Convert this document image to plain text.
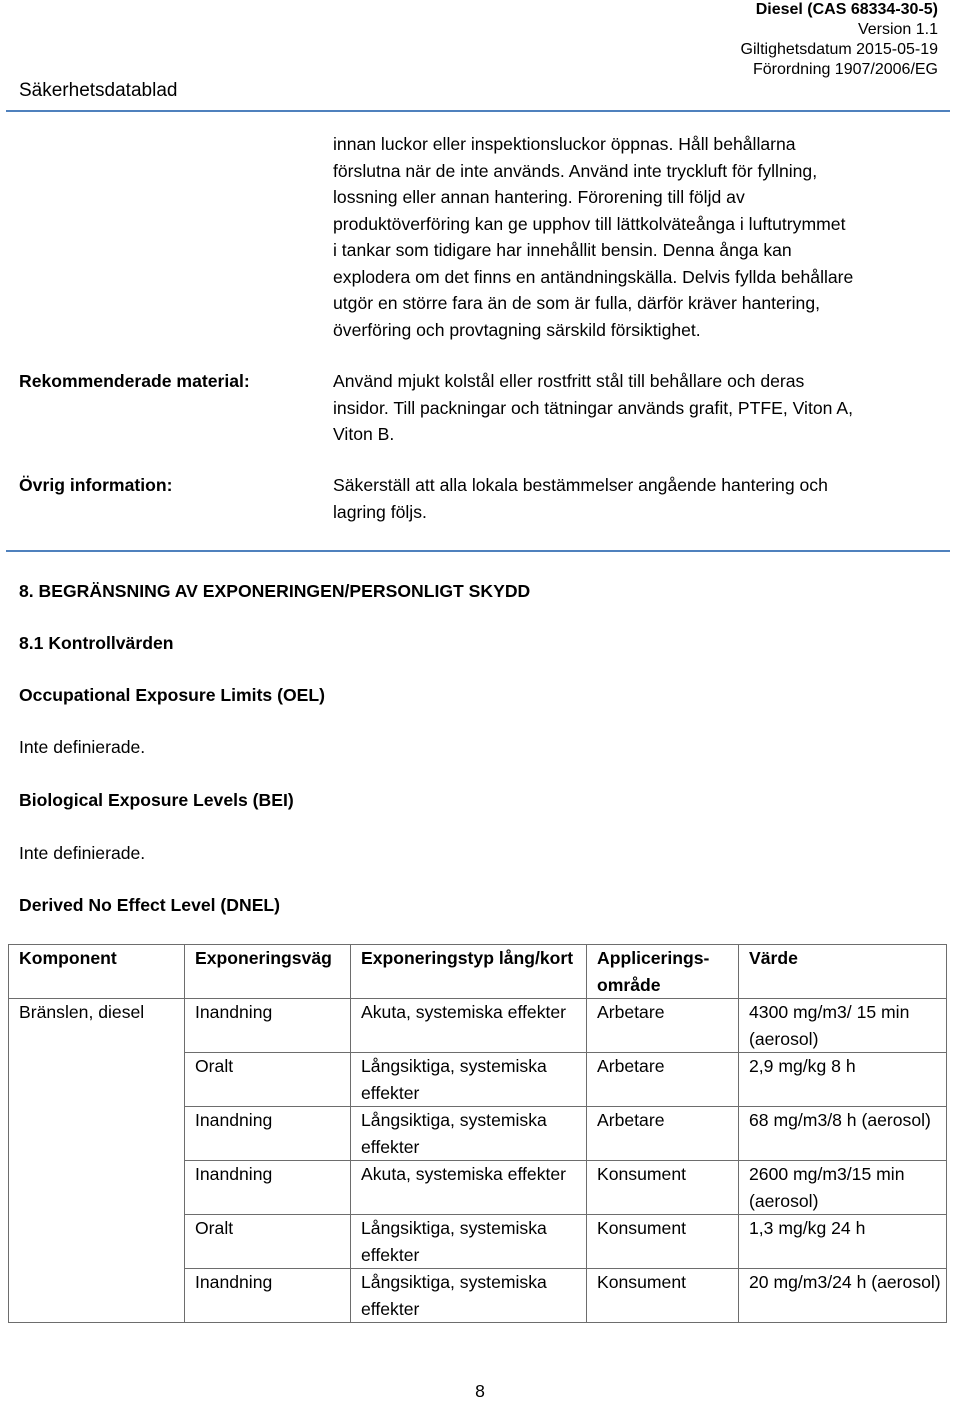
Diesel (CAS 68334-30-5)
Version 1.1
Giltighetsdatum 2015-05-19
Förordning 1907/2006/EG
Säkerhetsdatablad
innan luckor eller inspektionsluckor öppnas. Håll behållarna
förslutna när de inte används. Använd inte tryckluft för fyllning,
lossning eller annan hantering. Förorening till följd av
produktöverföring kan ge upphov till lättkolväteånga i luftutrymmet
i tankar som tidigare har innehållit bensin. Denna ånga kan
explodera om det finns en antändningskälla. Delvis fyllda behållare
utgör en större fara än de som är fulla, därför kräver hantering,
överföring och provtagning särskild försiktighet.
Rekommenderade material:	Använd mjukt kolstål eller rostfritt stål till behållare och deras
insidor. Till packningar och tätningar används grafit, PTFE, Viton A,
Viton B.
Övrig information:	Säkerställ att alla lokala bestämmelser angående hantering och
lagring följs.
8. BEGRÄNSNING AV EXPONERINGEN/PERSONLIGT SKYDD
8.1 Kontrollvärden
Occupational Exposure Limits (OEL)
Inte definierade.
Biological Exposure Levels (BEI)
Inte definierade.
Derived No Effect Level (DNEL)
Komponent	Exponeringsväg	Exponeringstyp lång/kort	Applicerings-område	Värde
Bränslen, diesel	Inandning	Akuta, systemiska effekter	Arbetare	4300 mg/m3/ 15 min (aerosol)
	Oralt	Långsiktiga, systemiska effekter	Arbetare	2,9 mg/kg 8 h
	Inandning	Långsiktiga, systemiska effekter	Arbetare	68 mg/m3/8 h (aerosol)
	Inandning	Akuta, systemiska effekter	Konsument	2600 mg/m3/15 min (aerosol)
	Oralt	Långsiktiga, systemiska effekter	Konsument	1,3 mg/kg 24 h
	Inandning	Långsiktiga, systemiska effekter	Konsument	20 mg/m3/24 h (aerosol)
8
